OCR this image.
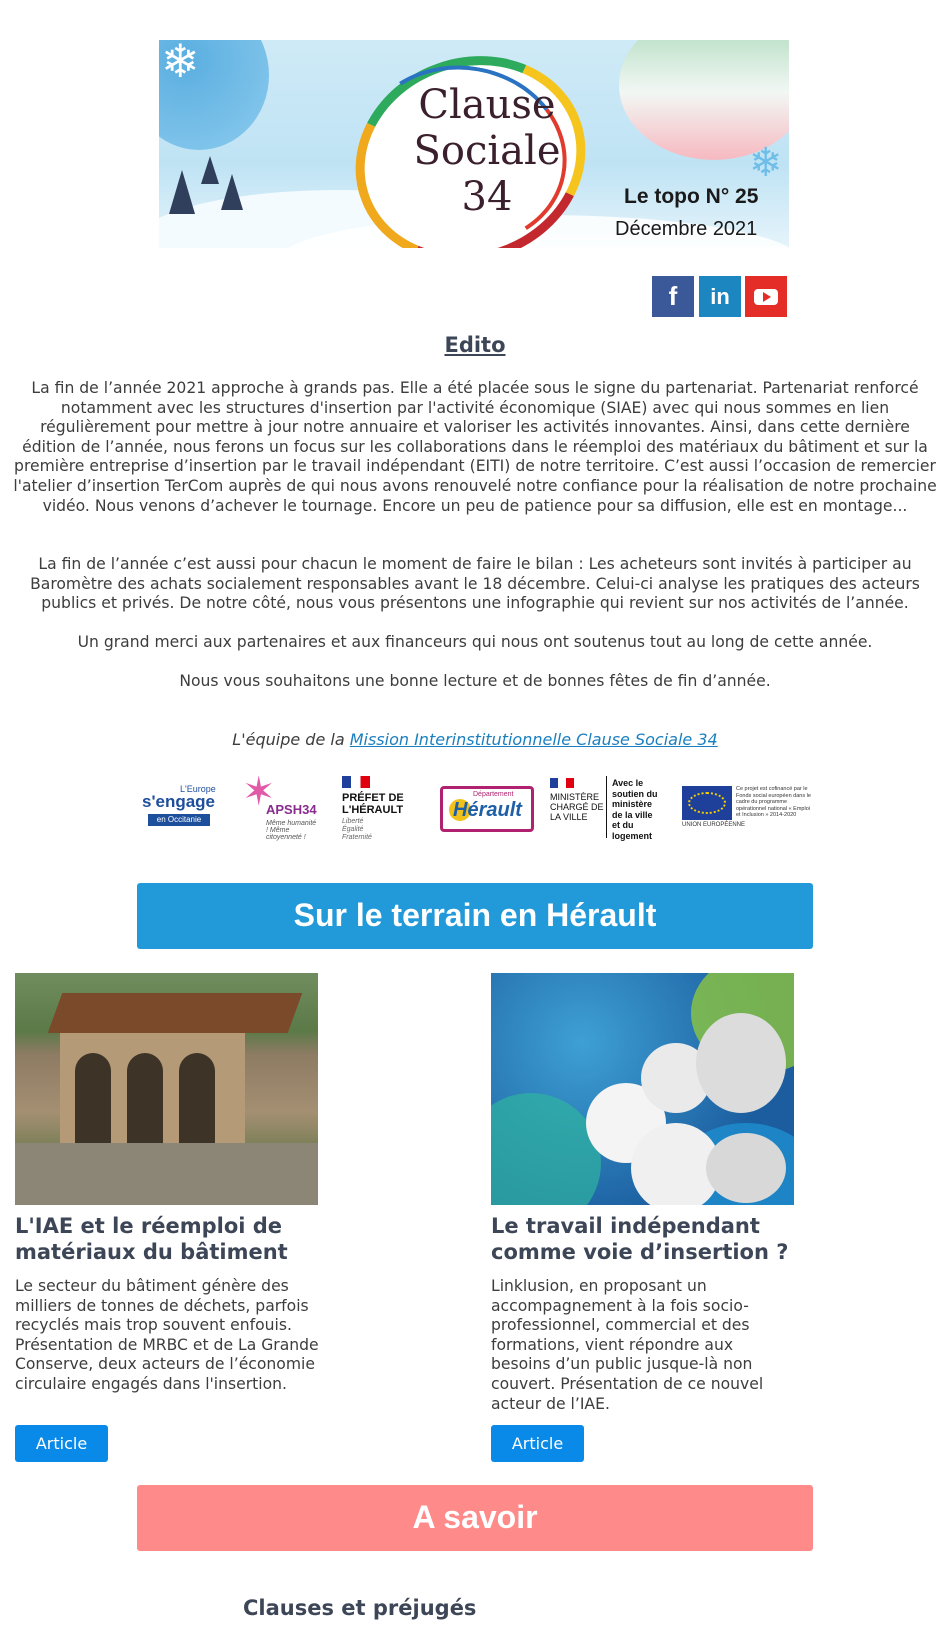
❄
❄
Clause
Sociale
34	Le topo N° 25
Décembre 2021
f in
Edito
La fin de l’année 2021 approche à grands pas. Elle a été placée sous le signe du partenariat. Partenariat renforcé notamment avec les structures d'insertion par l'activité économique (SIAE) avec qui nous sommes en lien régulièrement pour mettre à jour notre annuaire et valoriser les activités innovantes. Ainsi, dans cette dernière édition de l’année, nous ferons un focus sur les collaborations dans le réemploi des matériaux du bâtiment et sur la première entreprise d’insertion par le travail indépendant (EITI) de notre territoire. C’est aussi l’occasion de remercier l'atelier d’insertion TerCom auprès de qui nous avons renouvelé notre confiance pour la réalisation de notre prochaine vidéo. Nous venons d’achever le tournage. Encore un peu de patience pour sa diffusion, elle est en montage...
La fin de l’année c’est aussi pour chacun le moment de faire le bilan : Les acheteurs sont invités à participer au Baromètre des achats socialement responsables avant le 18 décembre. Celui-ci analyse les pratiques des acteurs publics et privés. De notre côté, nous vous présentons une infographie qui revient sur nos activités de l’année.
Un grand merci aux partenaires et aux financeurs qui nous ont soutenus tout au long de cette année.
Nous vous souhaitons une bonne lecture et de bonnes fêtes de fin d’année.
L'équipe de la Mission Interinstitutionnelle Clause Sociale 34
L'Europe
s'engage
en Occitanie
✶
APSH34
Même humanité ! Même citoyenneté !
PRÉFET DE L'HÉRAULT
Liberté Égalité Fraternité
Département
Hérault
MINISTÈRE CHARGÉ DE LA VILLE
Avec le soutien du ministère de la ville et du logement
Ce projet est cofinancé par le Fonds social européen dans le cadre du programme opérationnel national « Emploi et Inclusion » 2014-2020
UNION EUROPÉENNE
Sur le terrain en Hérault
L'IAE et le réemploi de matériaux du bâtiment
Le travail indépendant comme voie d’insertion ?
Le secteur du bâtiment génère des milliers de tonnes de déchets, parfois recyclés mais trop souvent enfouis. Présentation de MRBC et de La Grande Conserve, deux acteurs de l’économie circulaire engagés dans l'insertion.
Linklusion, en proposant un accompagnement à la fois socio-professionnel, commercial et des formations, vient répondre aux besoins d’un public jusque-là non couvert. Présentation de ce nouvel acteur de l’IAE.
Article	Article
A savoir
Clauses et préjugés
